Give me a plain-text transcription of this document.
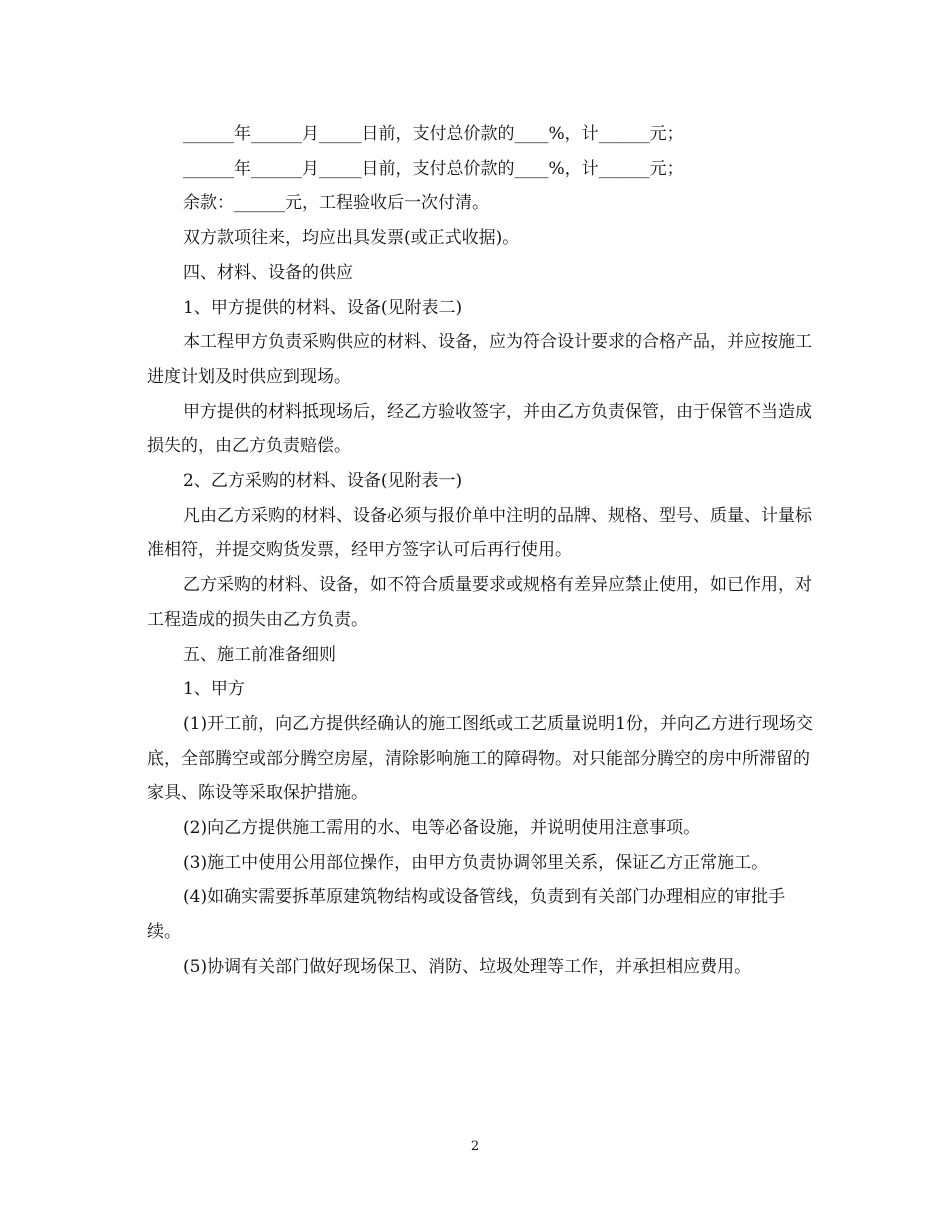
______年______月_____日前，支付总价款的____%，计______元；

______年______月_____日前，支付总价款的____%，计______元；

余款：______元，工程验收后一次付清。

双方款项往来，均应出具发票(或正式收据)。

四、材料、设备的供应

1、甲方提供的材料、设备(见附表二)

本工程甲方负责采购供应的材料、设备，应为符合设计要求的合格产品，并应按施工进度计划及时供应到现场。

甲方提供的材料抵现场后，经乙方验收签字，并由乙方负责保管，由于保管不当造成损失的，由乙方负责赔偿。

2、乙方采购的材料、设备(见附表一)

凡由乙方采购的材料、设备必须与报价单中注明的品牌、规格、型号、质量、计量标准相符，并提交购货发票，经甲方签字认可后再行使用。

乙方采购的材料、设备，如不符合质量要求或规格有差异应禁止使用，如已作用，对工程造成的损失由乙方负责。

五、施工前准备细则

1、甲方

(1)开工前，向乙方提供经确认的施工图纸或工艺质量说明1份，并向乙方进行现场交底，全部腾空或部分腾空房屋，清除影响施工的障碍物。对只能部分腾空的房中所滞留的家具、陈设等采取保护措施。

(2)向乙方提供施工需用的水、电等必备设施，并说明使用注意事项。

(3)施工中使用公用部位操作，由甲方负责协调邻里关系，保证乙方正常施工。

(4)如确实需要拆革原建筑物结构或设备管线，负责到有关部门办理相应的审批手续。

(5)协调有关部门做好现场保卫、消防、垃圾处理等工作，并承担相应费用。

2
